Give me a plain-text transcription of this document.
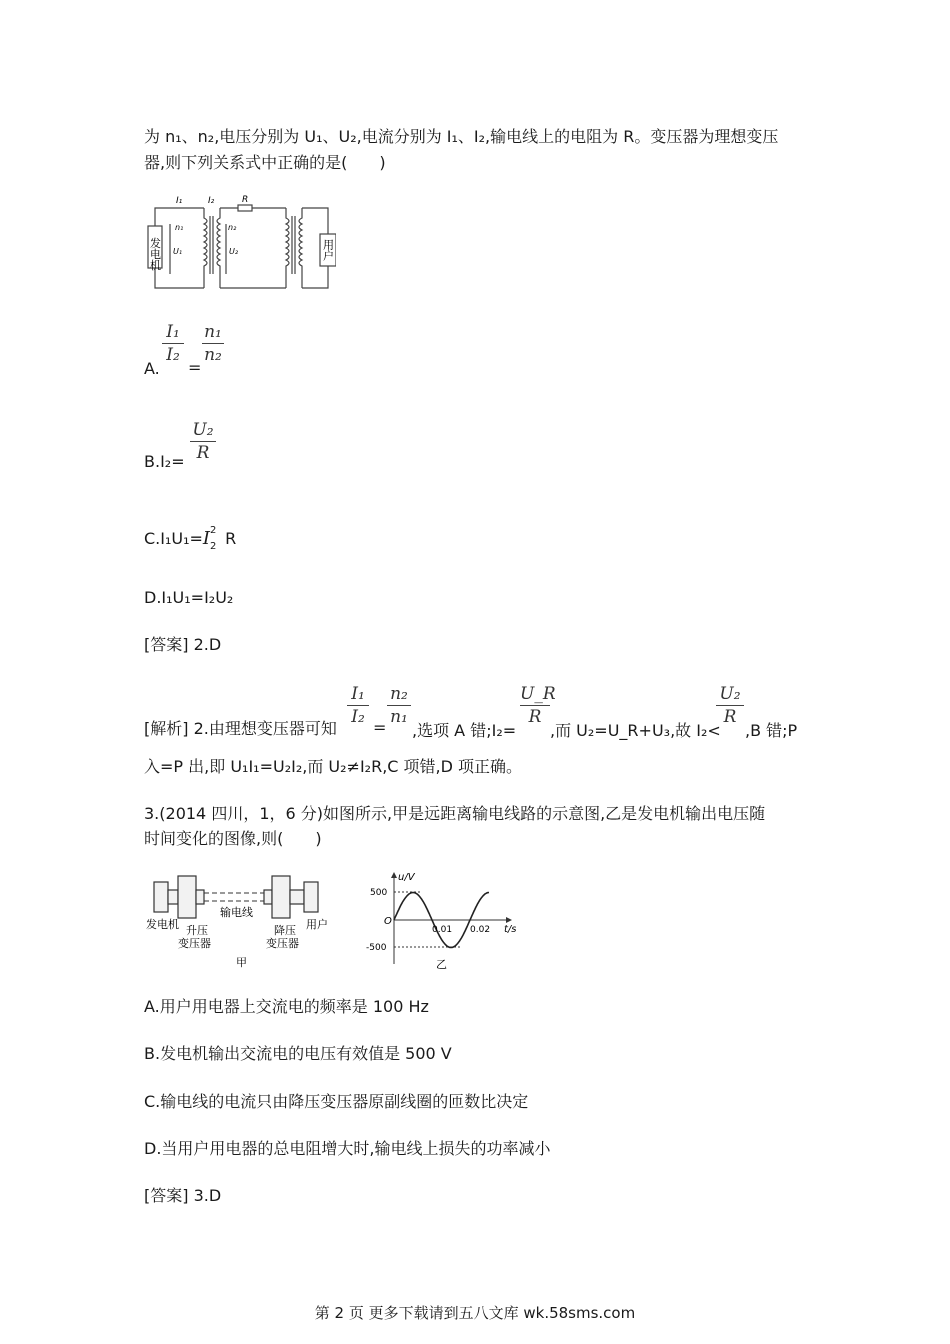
为 n₁、n₂,电压分别为 U₁、U₂,电流分别为 I₁、I₂,输电线上的电阻为 R。变压器为理想变压
器,则下列关系式中正确的是(　　)
发电机	用户
I₁	I₂	R
n₁	n₂
U₁	U₂
A.
I₁
I₂
=
n₁
n₂
B.I₂=
U₂
R
C.I₁U₁=I 2
2 R
D.I₁U₁=I₂U₂
[答案] 2.D
[解析] 2.由理想变压器可知
I₁
I₂
=
n₂
n₁
,选项 A 错;I₂=
U_R
R
,而 U₂=U_R+U₃,故 I₂<
U₂
R
,B 错;P
入=P 出,即 U₁I₁=U₂I₂,而 U₂≠I₂R,C 项错,D 项正确。
3.(2014 四川，1，6 分)如图所示,甲是远距离输电线路的示意图,乙是发电机输出电压随
时间变化的图像,则(　　)
发电机 升压
变压器
输电线
降压
变压器
用户
甲
u/V
t/s
500
-500
O
0.01 0.02
乙
A.用户用电器上交流电的频率是 100 Hz
B.发电机输出交流电的电压有效值是 500 V
C.输电线的电流只由降压变压器原副线圈的匝数比决定
D.当用户用电器的总电阻增大时,输电线上损失的功率减小
[答案] 3.D
第 2 页 更多下载请到五八文库 wk.58sms.com
